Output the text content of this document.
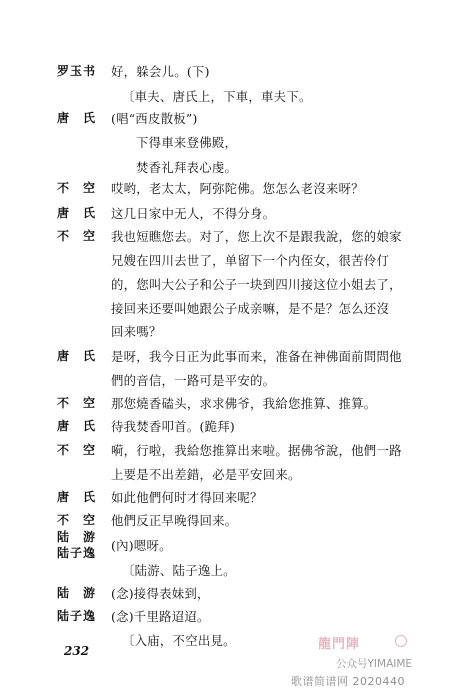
罗玉书 好，躲会儿。(下)
〔車夫、唐氏上，下車，車夫下。
唐　氏 (唱“西皮散板”)
下得車来登佛殿，
焚香礼拜表心虔。
不　空 哎哟，老太太，阿弥陀佛。您怎么老沒来呀？
唐　氏 这几日家中无人，不得分身。
不　空 我也短瞧您去。对了，您上次不是跟我說，您的娘家
兄嫂在四川去世了，单留下一个内侄女，很苦伶仃
的，您叫大公子和公子一块到四川接这位小姐去了，
接回来还要叫她跟公子成亲嘛，是不是？怎么还沒
回来嗎？
唐　氏 是呀，我今日正为此事而来，准备在神佛面前問問他
們的音信，一路可是平安的。
不　空 那您燒香磕头，求求佛爷，我給您推算、推算。
唐　氏 待我焚香叩首。(跪拜)
不　空 嗬，行啦，我給您推算出来啦。据佛爷說，他們一路
上要是不出差錯，必是平安回来。
唐　氏 如此他們何时才得回来呢？
不　空 他們反正早晚得回来。
陆　游
陆子逸 (內)嗯呀。
〔陆游、陆子逸上。
陆　游 (念)接得表妹到，
陆子逸 (念)千里路迢迢。
〔入庙，不空出見。
232	龍門陣
公众号YIMAIME
歌谱简谱网 2020440
